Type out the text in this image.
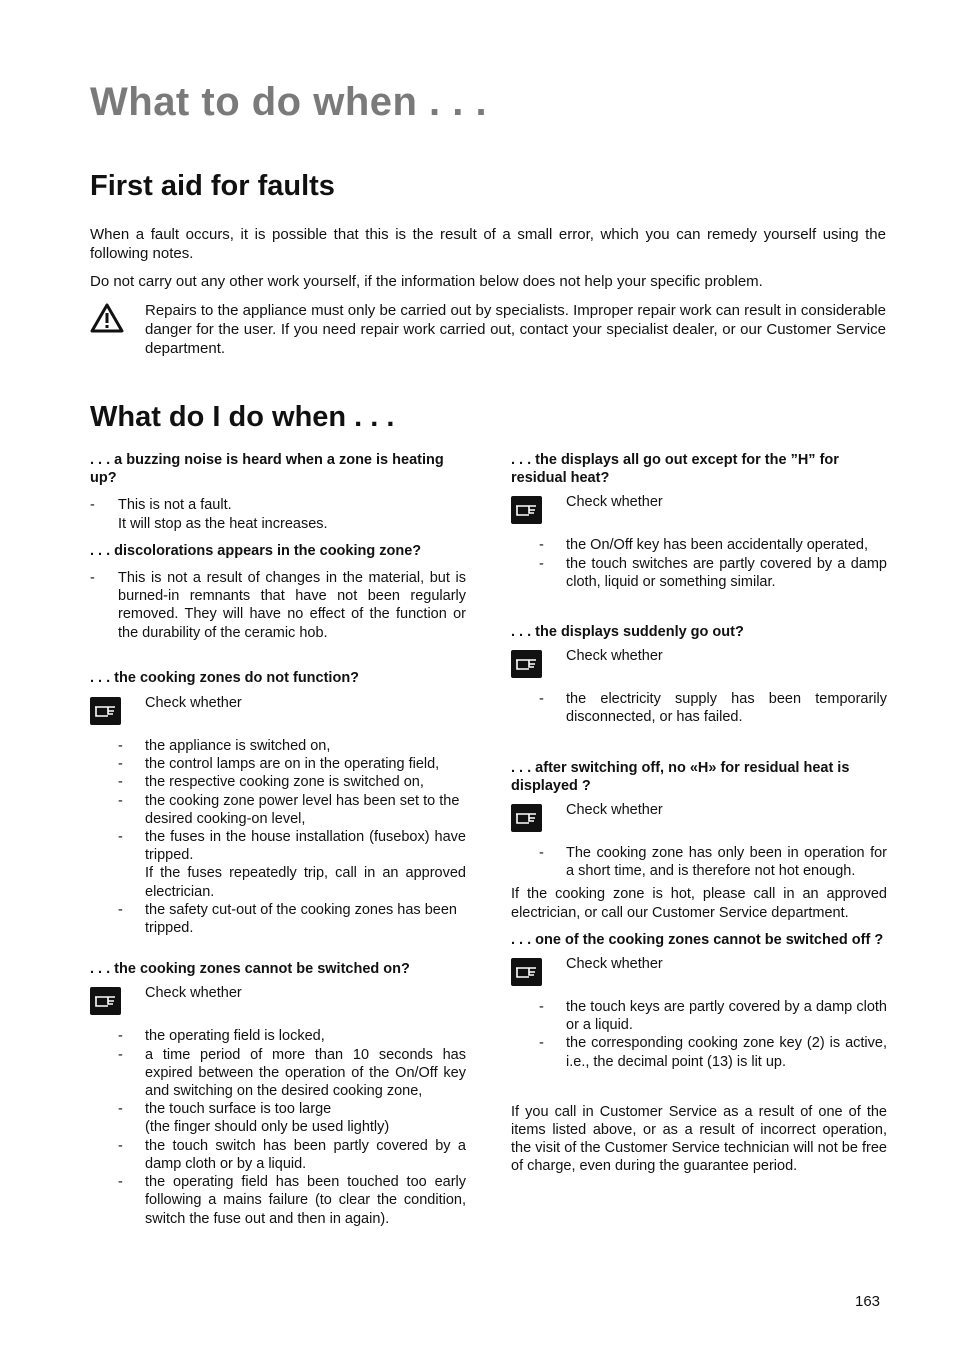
What to do when . . .
First aid for faults
When a fault occurs, it is possible that this is the result of a small error, which you can remedy yourself using the following notes.
Do not carry out any other work yourself, if the information below does not help your specific problem.
Repairs to the appliance must only be carried out by specialists. Improper repair work can result in considerable danger for the user. If you need repair work carried out, contact your specialist dealer, or our Customer Service department.
What do I do when . . .

. . . a buzzing noise is heard when a zone is heating up?

- This is not a fault.
It will stop as the heat increases.

. . . discolorations appears in the cooking zone?

- This is not a result of changes in the material, but is burned‑in remnants that have not been regularly removed. They will have no effect of the function or the durability of the ceramic hob.

. . . the cooking zones do not function?

Check whether
- the appliance is switched on,
- the control lamps are on in the operating field,
- the respective cooking zone is switched on,
- the cooking zone power level has been set to the desired cooking‑on level,
- the fuses in the house installation (fusebox) have tripped.
If the fuses repeatedly trip, call in an approved electrician.
- the safety cut‑out of the cooking zones has been tripped.

. . . the cooking zones cannot be switched on?

Check whether
- the operating field is locked,
- a time period of more than 10 seconds has expired between the operation of the On/Off key and switching on the desired cooking zone,
- the touch surface is too large
(the finger should only be used lightly)
- the touch switch has been partly covered by a damp cloth or by a liquid.
- the operating field has been touched too early following a mains failure (to clear the condition, switch the fuse out and then in again).

. . . the displays all go out except for the ”H” for residual heat?

Check whether
- the On/Off key has been accidentally operated,
- the touch switches are partly covered by a damp cloth, liquid or something similar.

. . . the displays suddenly go out?

Check whether
- the electricity supply has been temporarily disconnected, or has failed.

. . . after switching off, no «H» for residual heat is displayed ?

Check whether
- The cooking zone has only been in operation for a short time, and is therefore not hot enough.
If the cooking zone is hot, please call in an approved electrician, or call our Customer Service department.

. . . one of the cooking zones cannot be switched off ?

Check whether
- the touch keys are partly covered by a damp cloth or a liquid.
- the corresponding cooking zone key (2) is active, i.e., the decimal point (13) is lit up.
If you call in Customer Service as a result of one of the items listed above, or as a result of incorrect operation, the visit of the Customer Service technician will not be free of charge, even during the guarantee period.
163
